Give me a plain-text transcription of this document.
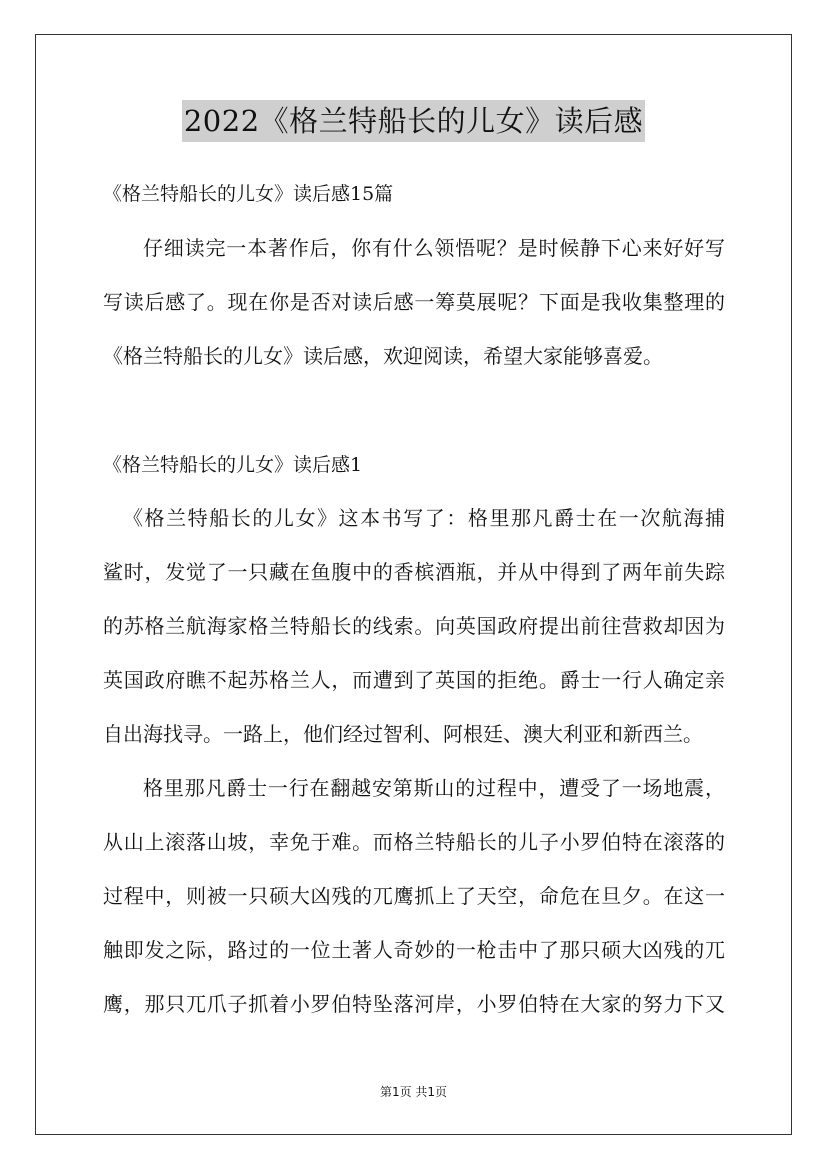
2022《格兰特船长的儿女》读后感
《格兰特船长的儿女》读后感15篇
仔细读完一本著作后，你有什么领悟呢？是时候静下心来好好写
写读后感了。现在你是否对读后感一筹莫展呢？下面是我收集整理的
《格兰特船长的儿女》读后感，欢迎阅读，希望大家能够喜爱。
《格兰特船长的儿女》读后感1
《格兰特船长的儿女》这本书写了：格里那凡爵士在一次航海捕
鲨时，发觉了一只藏在鱼腹中的香槟酒瓶，并从中得到了两年前失踪
的苏格兰航海家格兰特船长的线索。向英国政府提出前往营救却因为
英国政府瞧不起苏格兰人，而遭到了英国的拒绝。爵士一行人确定亲
自出海找寻。一路上，他们经过智利、阿根廷、澳大利亚和新西兰。
格里那凡爵士一行在翻越安第斯山的过程中，遭受了一场地震，
从山上滚落山坡，幸免于难。而格兰特船长的儿子小罗伯特在滚落的
过程中，则被一只硕大凶残的兀鹰抓上了天空，命危在旦夕。在这一
触即发之际，路过的一位土著人奇妙的一枪击中了那只硕大凶残的兀
鹰，那只兀爪子抓着小罗伯特坠落河岸，小罗伯特在大家的努力下又
第1页 共1页
